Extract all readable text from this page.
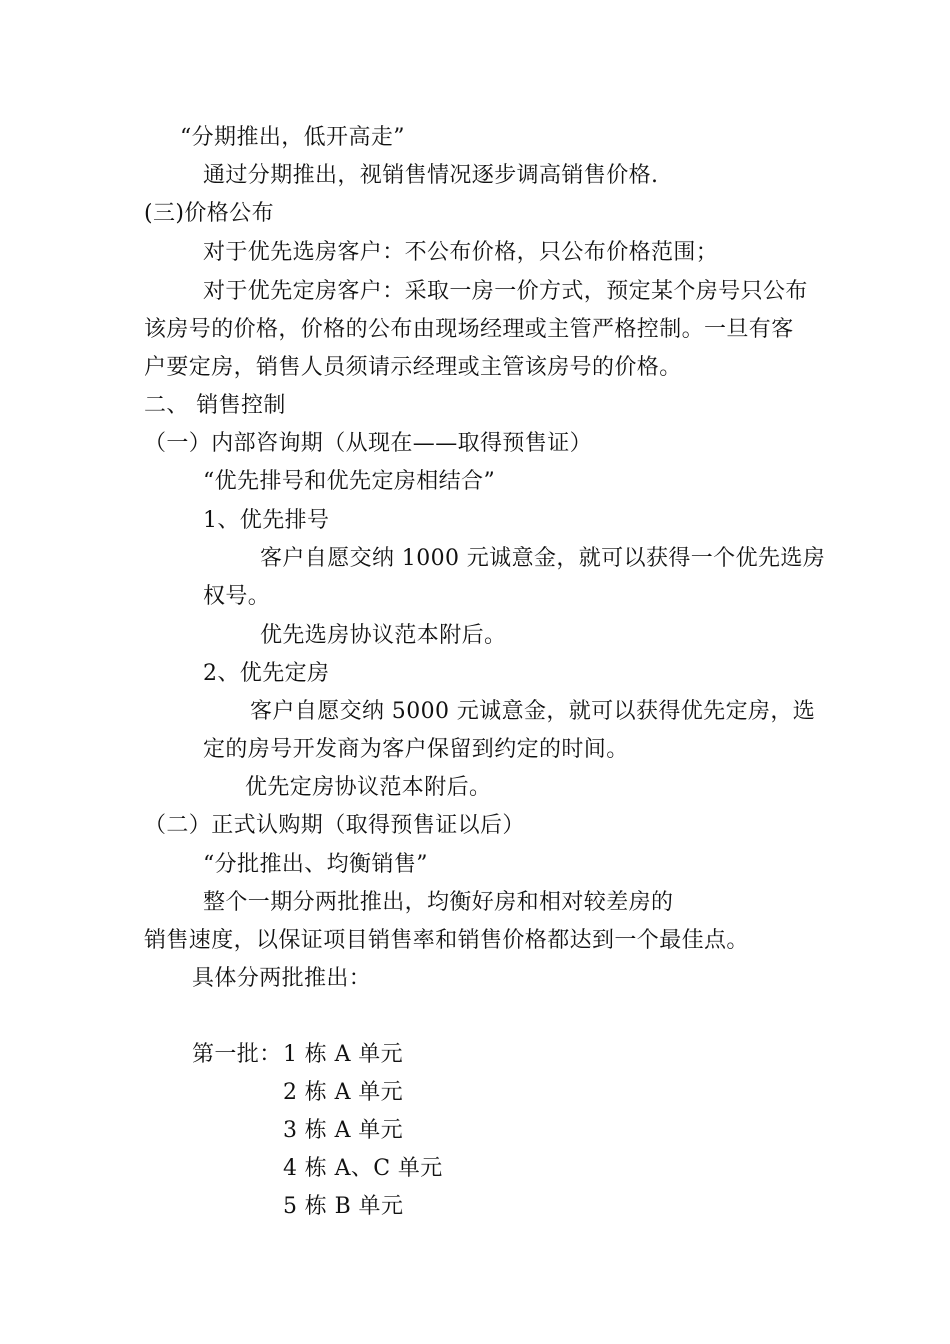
“分期推出，低开高走”
通过分期推出，视销售情况逐步调高销售价格.
(三)价格公布
对于优先选房客户：不公布价格，只公布价格范围；
对于优先定房客户：采取一房一价方式，预定某个房号只公布
该房号的价格，价格的公布由现场经理或主管严格控制。一旦有客
户要定房，销售人员须请示经理或主管该房号的价格。
二、 销售控制
（一）内部咨询期（从现在——取得预售证）
“优先排号和优先定房相结合”
1、优先排号
客户自愿交纳 1000 元诚意金，就可以获得一个优先选房
权号。
优先选房协议范本附后。
2、优先定房
客户自愿交纳 5000 元诚意金，就可以获得优先定房，选
定的房号开发商为客户保留到约定的时间。
优先定房协议范本附后。
（二）正式认购期（取得预售证以后）
“分批推出、均衡销售”
整个一期分两批推出，均衡好房和相对较差房的
销售速度，以保证项目销售率和销售价格都达到一个最佳点。
具体分两批推出：
第一批： 1 栋 A 单元
2 栋 A 单元
3 栋 A 单元
4 栋 A、C 单元
5 栋 B 单元
